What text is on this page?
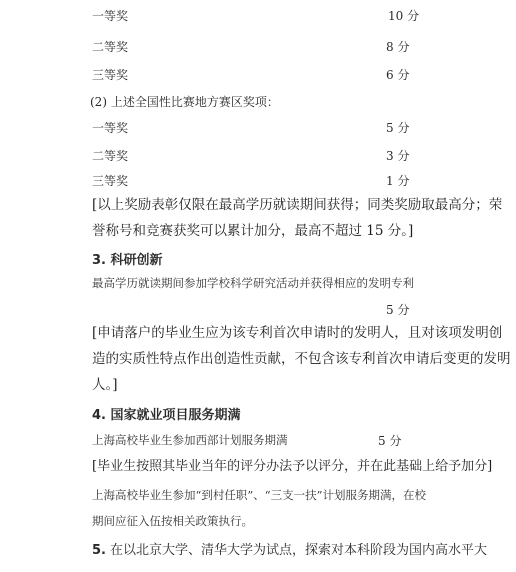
一等奖	10 分
二等奖	8 分
三等奖	6 分
(2) 上述全国性比赛地方赛区奖项：
一等奖	5 分
二等奖	3 分
三等奖	1 分
[以上奖励表彰仅限在最高学历就读期间获得；同类奖励取最高分；荣
誉称号和竞赛获奖可以累计加分，最高不超过 15 分。]
3. 科研创新
最高学历就读期间参加学校科学研究活动并获得相应的发明专利
5 分
[申请落户的毕业生应为该专利首次申请时的发明人，且对该项发明创
造的实质性特点作出创造性贡献，不包含该专利首次申请后变更的发明
人。]
4. 国家就业项目服务期满
上海高校毕业生参加西部计划服务期满	5 分
[毕业生按照其毕业当年的评分办法予以评分，并在此基础上给予加分]
上海高校毕业生参加“到村任职”、“三支一扶”计划服务期满，在校
期间应征入伍按相关政策执行。
5. 在以北京大学、清华大学为试点，探索对本科阶段为国内高水平大
